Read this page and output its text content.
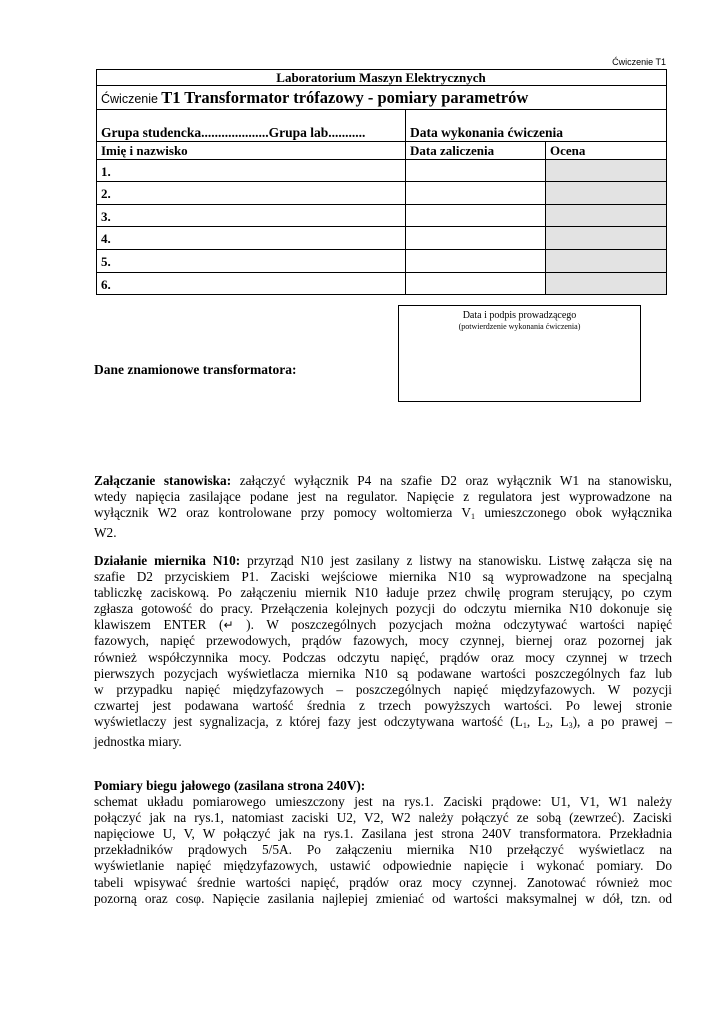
Ćwiczenie T1
Laboratorium Maszyn Elektrycznych
Ćwiczenie T1 Transformator trófazowy - pomiary parametrów
Grupa studencka....................Grupa lab...........	Data wykonania ćwiczenia
Imię i nazwisko	Data zaliczenia	Ocena
1.
2.
3.
4.
5.
6.
Data i podpis prowadzącego
(potwierdzenie wykonania ćwiczenia)
Dane znamionowe transformatora:
Załączanie stanowiska: załączyć wyłącznik P4 na szafie D2 oraz wyłącznik W1 na stanowisku,
wtedy napięcia zasilające podane jest na regulator. Napięcie z regulatora jest wyprowadzone na
wyłącznik W2 oraz kontrolowane przy pomocy woltomierza $V_1$ umieszczonego obok wyłącznika
W2.
Działanie miernika N10: przyrząd N10 jest zasilany z listwy na stanowisku. Listwę załącza się na
szafie D2 przyciskiem P1. Zaciski wejściowe miernika N10 są wyprowadzone na specjalną
tabliczkę zaciskową. Po załączeniu miernik N10 ładuje przez chwilę program sterujący, po czym
zgłasza gotowość do pracy. Przełączenia kolejnych pozycji do odczytu miernika N10 dokonuje się
klawiszem ENTER (↵ ). W poszczególnych pozycjach można odczytywać wartości napięć
fazowych, napięć przewodowych, prądów fazowych, mocy czynnej, biernej oraz pozornej jak
również współczynnika mocy. Podczas odczytu napięć, prądów oraz mocy czynnej w trzech
pierwszych pozycjach wyświetlacza miernika N10 są podawane wartości poszczególnych faz lub
w przypadku napięć międzyfazowych – poszczególnych napięć międzyfazowych. W pozycji
czwartej jest podawana wartość średnia z trzech powyższych wartości. Po lewej stronie
wyświetlaczy jest sygnalizacja, z której fazy jest odczytywana wartość ($L_1$, $L_2$, $L_3$), a po prawej –
jednostka miary.
Pomiary biegu jałowego (zasilana strona 240V):
schemat układu pomiarowego umieszczony jest na rys.1. Zaciski prądowe: U1, V1, W1 należy
połączyć jak na rys.1, natomiast zaciski U2, V2, W2 należy połączyć ze sobą (zewrzeć). Zaciski
napięciowe U, V, W połączyć jak na rys.1. Zasilana jest strona 240V transformatora. Przekładnia
przekładników prądowych 5/5A. Po załączeniu miernika N10 przełączyć wyświetlacz na
wyświetlanie napięć międzyfazowych, ustawić odpowiednie napięcie i wykonać pomiary. Do
tabeli wpisywać średnie wartości napięć, prądów oraz mocy czynnej. Zanotować również moc
pozorną oraz cosφ. Napięcie zasilania najlepiej zmieniać od wartości maksymalnej w dół, tzn. od
